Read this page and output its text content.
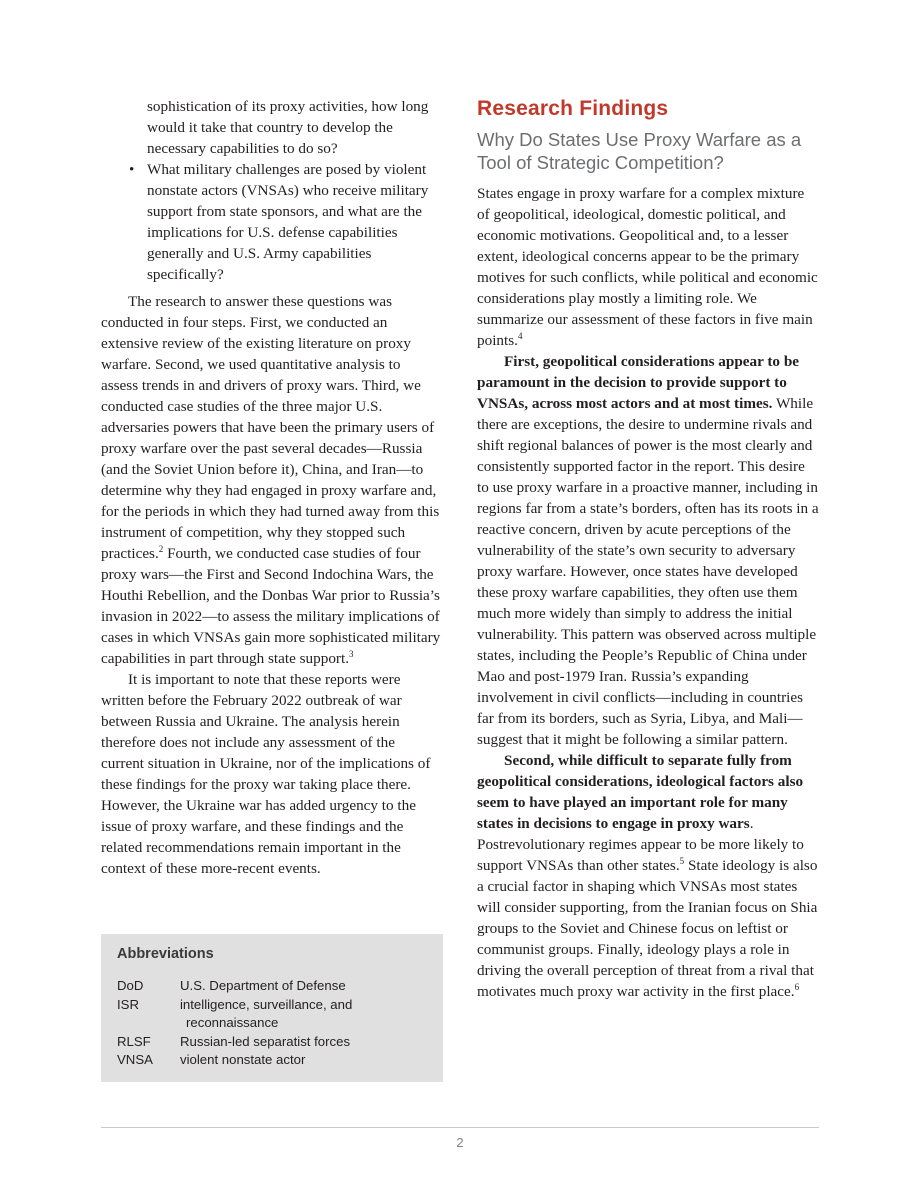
sophistication of its proxy activities, how long would it take that country to develop the necessary capabilities to do so?
• What military challenges are posed by violent nonstate actors (VNSAs) who receive military support from state sponsors, and what are the implications for U.S. defense capabilities generally and U.S. Army capabilities specifically?

The research to answer these questions was conducted in four steps. First, we conducted an extensive review of the existing literature on proxy warfare. Second, we used quantitative analysis to assess trends in and drivers of proxy wars. Third, we conducted case studies of the three major U.S. adversaries powers that have been the primary users of proxy warfare over the past several decades—Russia (and the Soviet Union before it), China, and Iran—to determine why they had engaged in proxy warfare and, for the periods in which they had turned away from this instrument of competition, why they stopped such practices.$^2$ Fourth, we conducted case studies of four proxy wars—the First and Second Indochina Wars, the Houthi Rebellion, and the Donbas War prior to Russia’s invasion in 2022—to assess the military implications of cases in which VNSAs gain more sophisticated military capabilities in part through state support.$^3$

It is important to note that these reports were written before the February 2022 outbreak of war between Russia and Ukraine. The analysis herein therefore does not include any assessment of the current situation in Ukraine, nor of the implications of these findings for the proxy war taking place there. However, the Ukraine war has added urgency to the issue of proxy warfare, and these findings and the related recommendations remain important in the context of these more-recent events.

Abbreviations
DoD	U.S. Department of Defense
ISR	intelligence, surveillance, and
reconnaissance
RLSF	Russian-led separatist forces
VNSA	violent nonstate actor
Research Findings
Why Do States Use Proxy Warfare as a Tool of Strategic Competition?

States engage in proxy warfare for a complex mixture of geopolitical, ideological, domestic political, and economic motivations. Geopolitical and, to a lesser extent, ideological concerns appear to be the primary motives for such conflicts, while political and economic considerations play mostly a limiting role. We summarize our assessment of these factors in five main points.$^4$

First, geopolitical considerations appear to be paramount in the decision to provide support to VNSAs, across most actors and at most times. While there are exceptions, the desire to undermine rivals and shift regional balances of power is the most clearly and consistently supported factor in the report. This desire to use proxy warfare in a proactive manner, including in regions far from a state’s borders, often has its roots in a reactive concern, driven by acute perceptions of the vulnerability of the state’s own security to adversary proxy warfare. However, once states have developed these proxy warfare capabilities, they often use them much more widely than simply to address the initial vulnerability. This pattern was observed across multiple states, including the People’s Republic of China under Mao and post-1979 Iran. Russia’s expanding involvement in civil conflicts—including in countries far from its borders, such as Syria, Libya, and Mali—suggest that it might be following a similar pattern.

Second, while difficult to separate fully from geopolitical considerations, ideological factors also seem to have played an important role for many states in decisions to engage in proxy wars. Postrevolutionary regimes appear to be more likely to support VNSAs than other states.$^5$ State ideology is also a crucial factor in shaping which VNSAs most states will consider supporting, from the Iranian focus on Shia groups to the Soviet and Chinese focus on leftist or communist groups. Finally, ideology plays a role in driving the overall perception of threat from a rival that motivates much proxy war activity in the first place.$^6$

2
